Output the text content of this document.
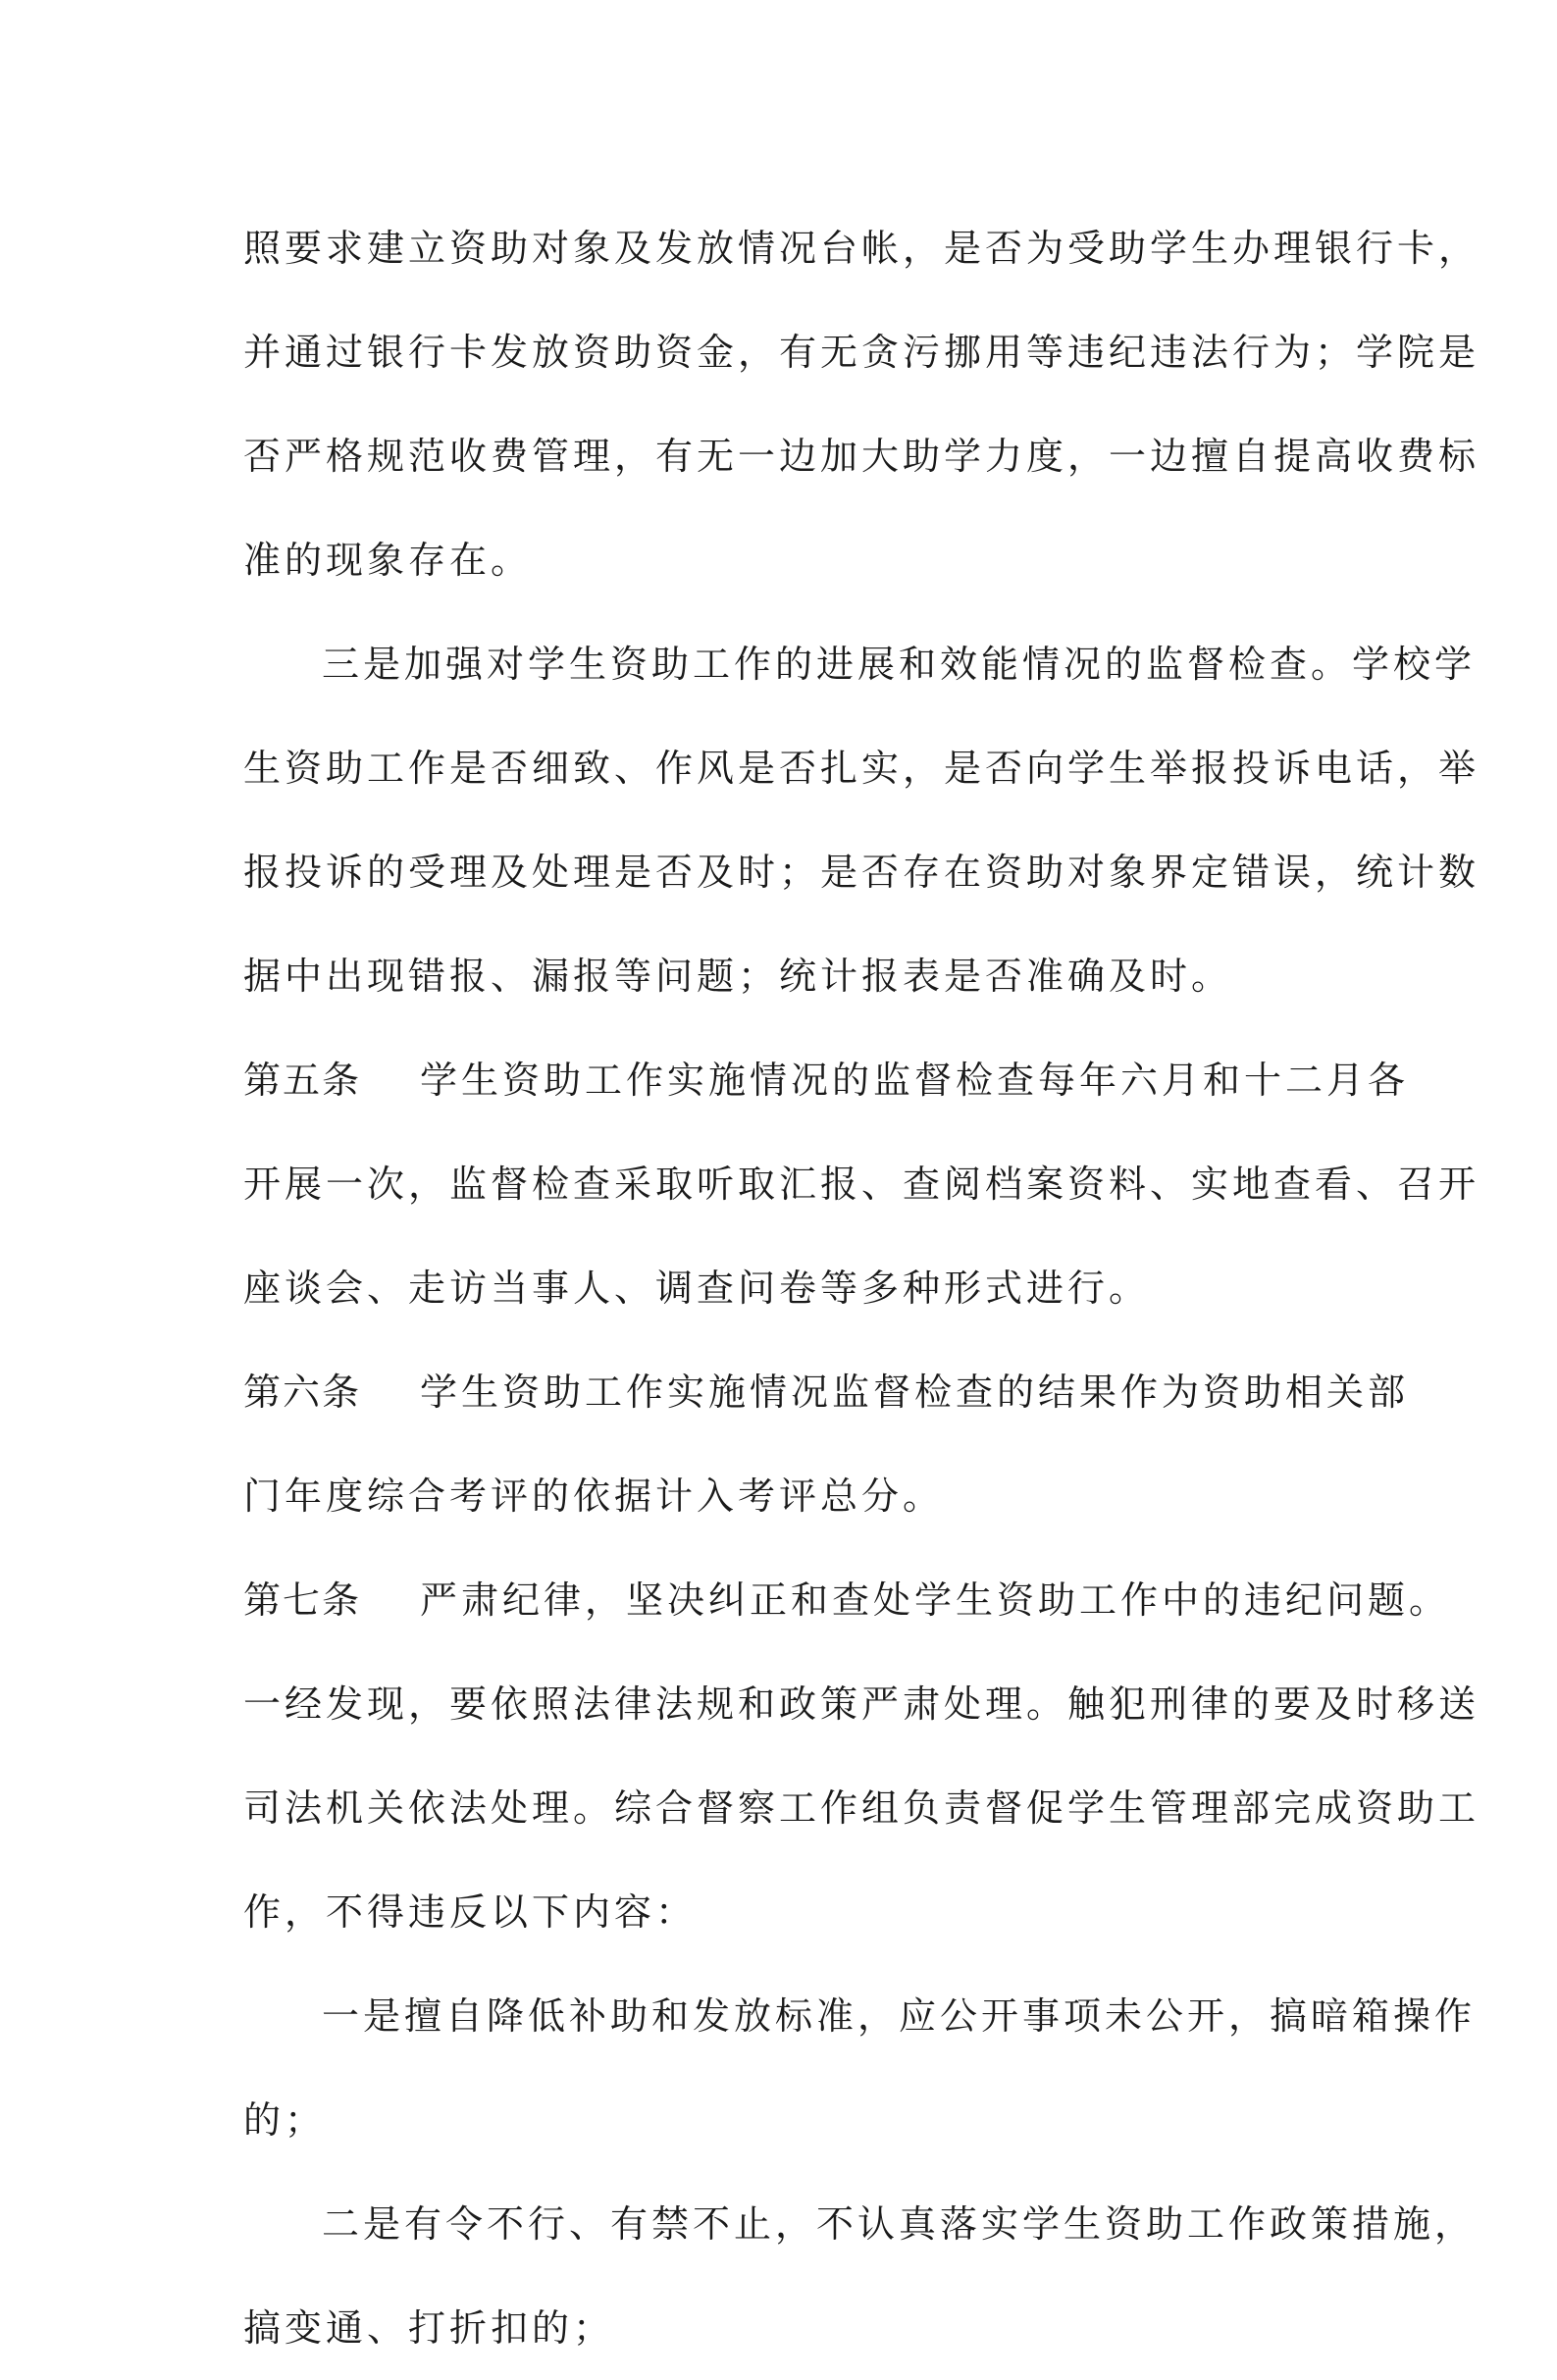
照要求建立资助对象及发放情况台帐，是否为受助学生办理银行卡，
并通过银行卡发放资助资金，有无贪污挪用等违纪违法行为；学院是
否严格规范收费管理，有无一边加大助学力度，一边擅自提高收费标
准的现象存在。
三是加强对学生资助工作的进展和效能情况的监督检查。学校学
生资助工作是否细致、作风是否扎实，是否向学生举报投诉电话，举
报投诉的受理及处理是否及时；是否存在资助对象界定错误，统计数
据中出现错报、漏报等问题；统计报表是否准确及时。
第五条 学生资助工作实施情况的监督检查每年六月和十二月各
开展一次，监督检查采取听取汇报、查阅档案资料、实地查看、召开
座谈会、走访当事人、调查问卷等多种形式进行。
第六条 学生资助工作实施情况监督检查的结果作为资助相关部
门年度综合考评的依据计入考评总分。
第七条 严肃纪律，坚决纠正和查处学生资助工作中的违纪问题。
一经发现，要依照法律法规和政策严肃处理。触犯刑律的要及时移送
司法机关依法处理。综合督察工作组负责督促学生管理部完成资助工
作，不得违反以下内容：
一是擅自降低补助和发放标准，应公开事项未公开，搞暗箱操作
的；
二是有令不行、有禁不止，不认真落实学生资助工作政策措施，
搞变通、打折扣的；
